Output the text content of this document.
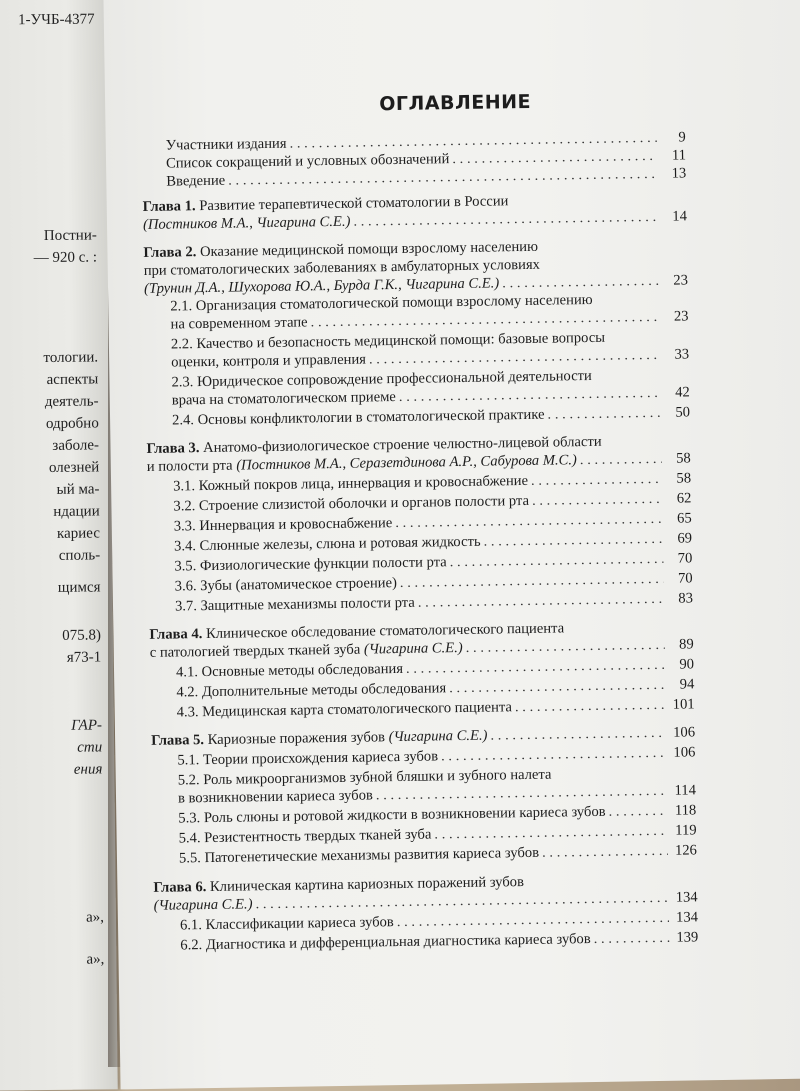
1-УЧБ-4377
Постни-
— 920 с. :
тологии.
аспекты
деятель-
одробно
заболе-
олезней
ый ма-
ндации
кариес
споль-
щимся
075.8)
я73-1
ГАР-
сти
ения
а»,
а»,
ОГЛАВЛЕНИЕ
Участники издания . . .	9
Список сокращений и условных обозначений . . .	11
Введение . . .	13
Глава 1. Развитие терапевтической стоматологии в России
(Постников М.А., Чигарина С.Е.) . . .	14
Глава 2. Оказание медицинской помощи взрослому населению
при стоматологических заболеваниях в амбулаторных условиях
(Трунин Д.А., Шухорова Ю.А., Бурда Г.К., Чигарина С.Е.) . . .	23
2.1. Организация стоматологической помощи взрослому населению
на современном этапе . . .	23
2.2. Качество и безопасность медицинской помощи: базовые вопросы
оценки, контроля и управления . . .	33
2.3. Юридическое сопровождение профессиональной деятельности
врача на стоматологическом приеме . . .	42
2.4. Основы конфликтологии в стоматологической практике . . .	50
Глава 3. Анатомо-физиологическое строение челюстно-лицевой области
и полости рта (Постников М.А., Серазетдинова А.Р., Сабурова М.С.) . . .	58
3.1. Кожный покров лица, иннервация и кровоснабжение . . .	58
3.2. Строение слизистой оболочки и органов полости рта . . .	62
3.3. Иннервация и кровоснабжение . . .	65
3.4. Слюнные железы, слюна и ротовая жидкость . . .	69
3.5. Физиологические функции полости рта . . .	70
3.6. Зубы (анатомическое строение) . . .	70
3.7. Защитные механизмы полости рта . . .	83
Глава 4. Клиническое обследование стоматологического пациента
с патологией твердых тканей зуба (Чигарина С.Е.) . . .	89
4.1. Основные методы обследования . . .	90
4.2. Дополнительные методы обследования . . .	94
4.3. Медицинская карта стоматологического пациента . . .	101
Глава 5. Кариозные поражения зубов (Чигарина С.Е.) . . .	106
5.1. Теории происхождения кариеса зубов . . .	106
5.2. Роль микроорганизмов зубной бляшки и зубного налета
в возникновении кариеса зубов . . .	114
5.3. Роль слюны и ротовой жидкости в возникновении кариеса зубов . . .	118
5.4. Резистентность твердых тканей зуба . . .	119
5.5. Патогенетические механизмы развития кариеса зубов . . .	126
Глава 6. Клиническая картина кариозных поражений зубов
(Чигарина С.Е.) . . .	134
6.1. Классификации кариеса зубов . . .	134
6.2. Диагностика и дифференциальная диагностика кариеса зубов . . .	139
